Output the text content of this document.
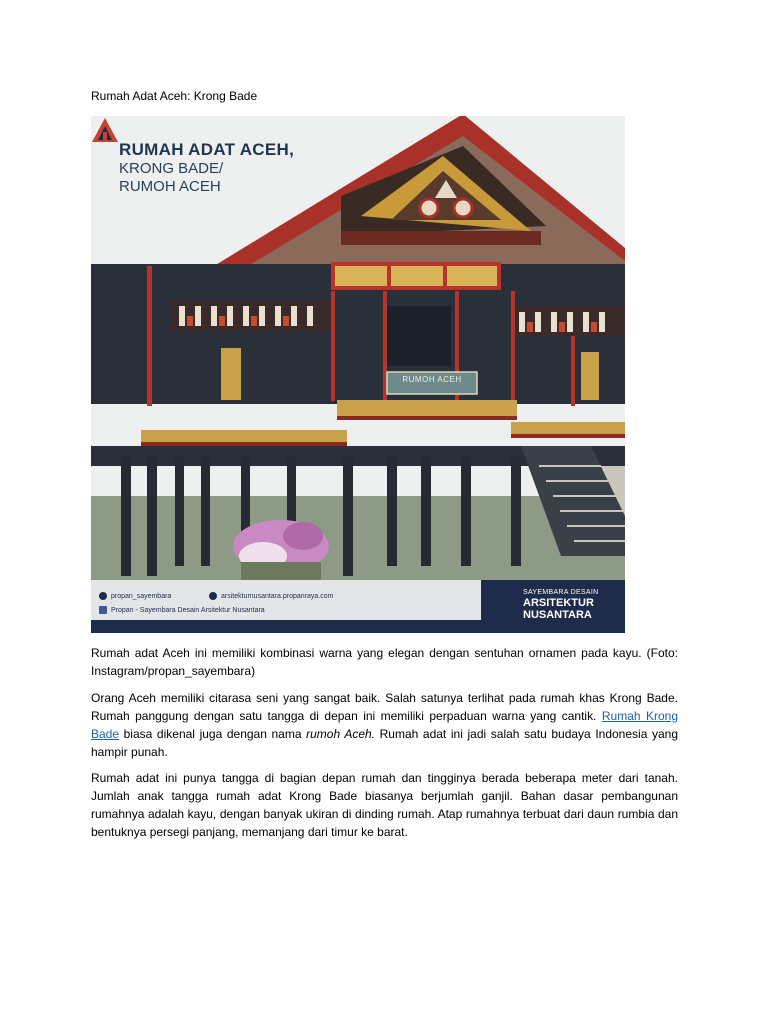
Rumah Adat Aceh: Krong Bade
RUMAH ADAT ACEH,
KRONG BADE/
RUMOH ACEH
RUMOH ACEH
propan_sayembara	arsitekturnusantara.propanraya.com
Propan - Sayembara Desain Arsitektur Nusantara
SAYEMBARA DESAIN
ARSITEKTUR
NUSANTARA

Rumah adat Aceh ini memiliki kombinasi warna yang elegan dengan sentuhan ornamen pada kayu. (Foto: Instagram/propan_sayembara)

Orang Aceh memiliki citarasa seni yang sangat baik. Salah satunya terlihat pada rumah khas Krong Bade. Rumah panggung dengan satu tangga di depan ini memiliki perpaduan warna yang cantik. Rumah Krong Bade biasa dikenal juga dengan nama rumoh Aceh. Rumah adat ini jadi salah satu budaya Indonesia yang hampir punah.

Rumah adat ini punya tangga di bagian depan rumah dan tingginya berada beberapa meter dari tanah. Jumlah anak tangga rumah adat Krong Bade biasanya berjumlah ganjil. Bahan dasar pembangunan rumahnya adalah kayu, dengan banyak ukiran di dinding rumah. Atap rumahnya terbuat dari daun rumbia dan bentuknya persegi panjang, memanjang dari timur ke barat.
